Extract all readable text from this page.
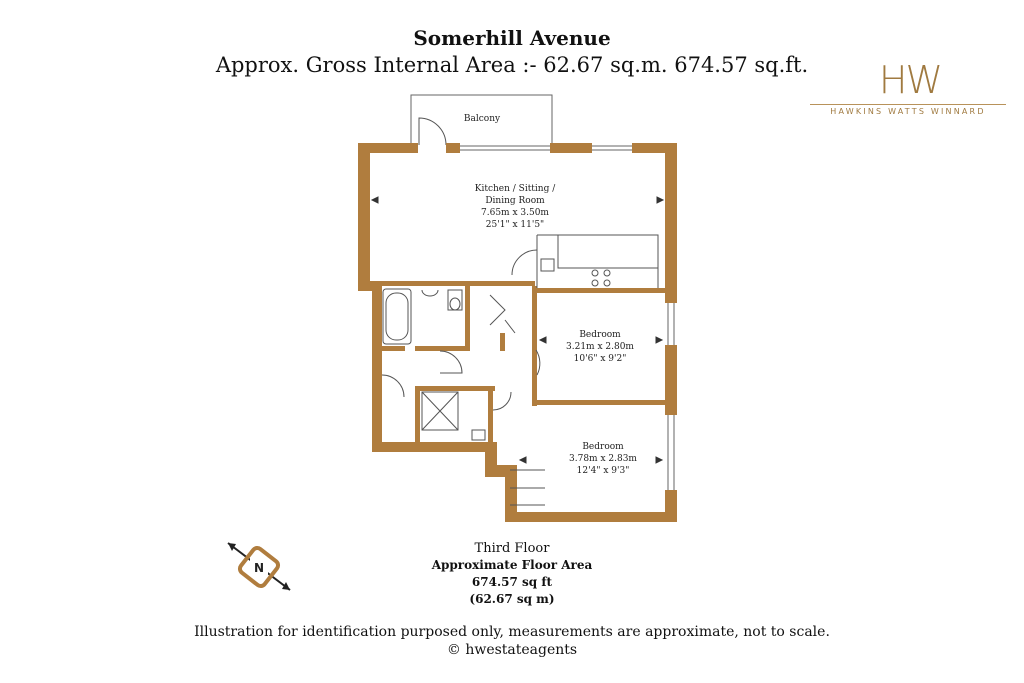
Somerhill Avenue
Approx. Gross Internal Area :- 62.67 sq.m. 674.57 sq.ft.	HW
HAWKINS WATTS WINNARD
Balcony
Kitchen / Sitting /
Dining Room
7.65m x 3.50m
25'1" x 11'5"
Bedroom
3.21m x 2.80m
10'6" x 9'2"
Bedroom
3.78m x 2.83m
12'4" x 9'3"
N
Third Floor
Approximate Floor Area
674.57 sq ft
(62.67 sq m)
Illustration for identification purposed only, measurements are approximate, not to scale.
© hwestateagents
